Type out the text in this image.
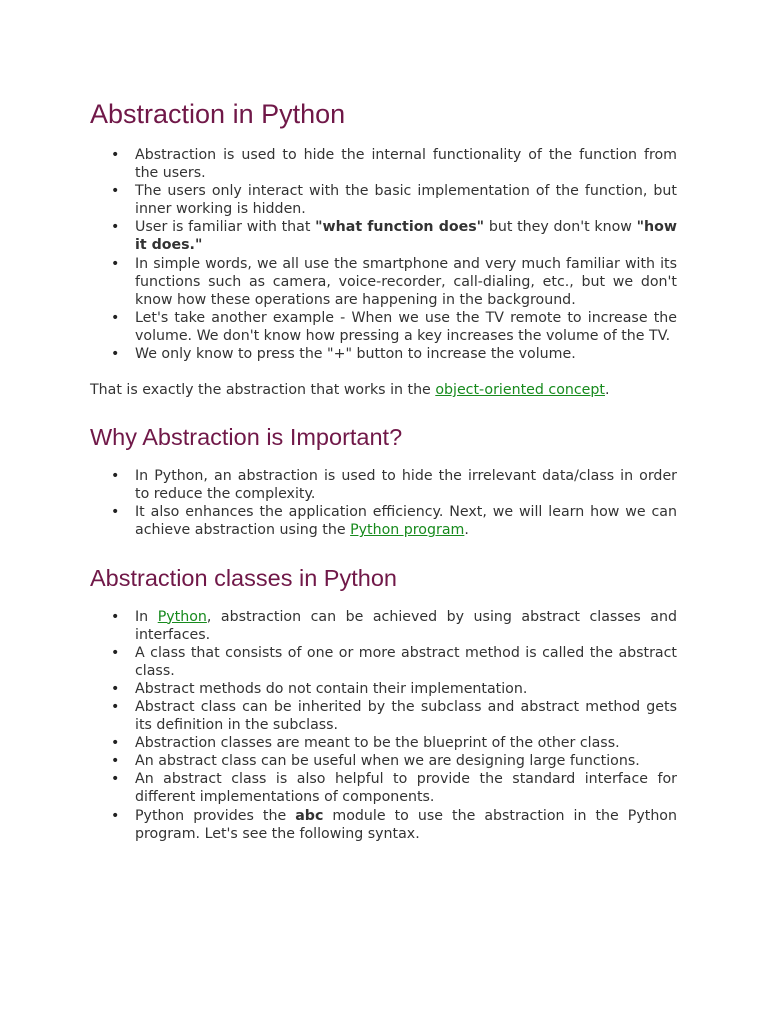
Abstraction in Python
• Abstraction is used to hide the internal functionality of the function from the users.
• The users only interact with the basic implementation of the function, but inner working is hidden.
• User is familiar with that "what function does" but they don't know "how it does."
• In simple words, we all use the smartphone and very much familiar with its functions such as camera, voice-recorder, call-dialing, etc., but we don't know how these operations are happening in the background.
• Let's take another example - When we use the TV remote to increase the volume. We don't know how pressing a key increases the volume of the TV.
• We only know to press the "+" button to increase the volume.

That is exactly the abstraction that works in the object-oriented concept.

Why Abstraction is Important?
• In Python, an abstraction is used to hide the irrelevant data/class in order to reduce the complexity.
• It also enhances the application efficiency. Next, we will learn how we can achieve abstraction using the Python program.
Abstraction classes in Python
• In Python, abstraction can be achieved by using abstract classes and interfaces.
• A class that consists of one or more abstract method is called the abstract class.
• Abstract methods do not contain their implementation.
• Abstract class can be inherited by the subclass and abstract method gets its definition in the subclass.
• Abstraction classes are meant to be the blueprint of the other class.
• An abstract class can be useful when we are designing large functions.
• An abstract class is also helpful to provide the standard interface for different implementations of components.
• Python provides the abc module to use the abstraction in the Python program. Let's see the following syntax.
